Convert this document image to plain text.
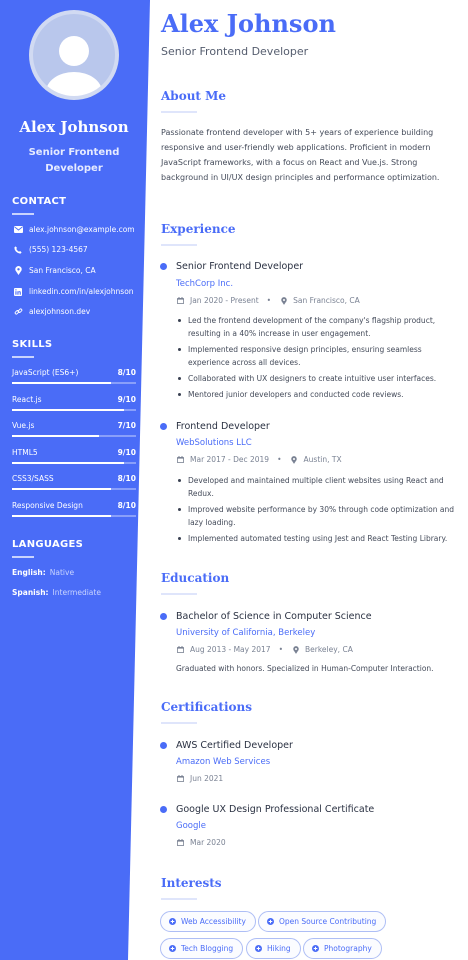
Alex Johnson
Senior Frontend
Developer
CONTACT
alex.johnson@example.com
(555) 123-4567
San Francisco, CA
linkedin.com/in/alexjohnson
alexjohnson.dev
SKILLS
JavaScript (ES6+)	8/10
React.js	9/10
Vue.js	7/10
HTML5	9/10
CSS3/SASS	8/10
Responsive Design	8/10
LANGUAGES
English: Native
Spanish: Intermediate
Alex Johnson
Senior Frontend Developer
About Me
Passionate frontend developer with 5+ years of experience building responsive and user-friendly web applications. Proficient in modern JavaScript frameworks, with a focus on React and Vue.js. Strong background in UI/UX design principles and performance optimization.
Experience
Senior Frontend Developer
TechCorp Inc.
Jan 2020 - Present •	San Francisco, CA
Led the frontend development of the company's flagship product, resulting in a 40% increase in user engagement.
Implemented responsive design principles, ensuring seamless experience across all devices.
Collaborated with UX designers to create intuitive user interfaces.
Mentored junior developers and conducted code reviews.
Frontend Developer
WebSolutions LLC
Mar 2017 - Dec 2019 •	Austin, TX
Developed and maintained multiple client websites using React and Redux.
Improved website performance by 30% through code optimization and lazy loading.
Implemented automated testing using Jest and React Testing Library.
Education
Bachelor of Science in Computer Science
University of California, Berkeley
Aug 2013 - May 2017 •	Berkeley, CA
Graduated with honors. Specialized in Human-Computer Interaction.
Certifications
AWS Certified Developer
Amazon Web Services
Jun 2021
Google UX Design Professional Certificate
Google
Mar 2020
Interests
Web Accessibility	Open Source Contributing
Tech Blogging	Hiking	Photography
